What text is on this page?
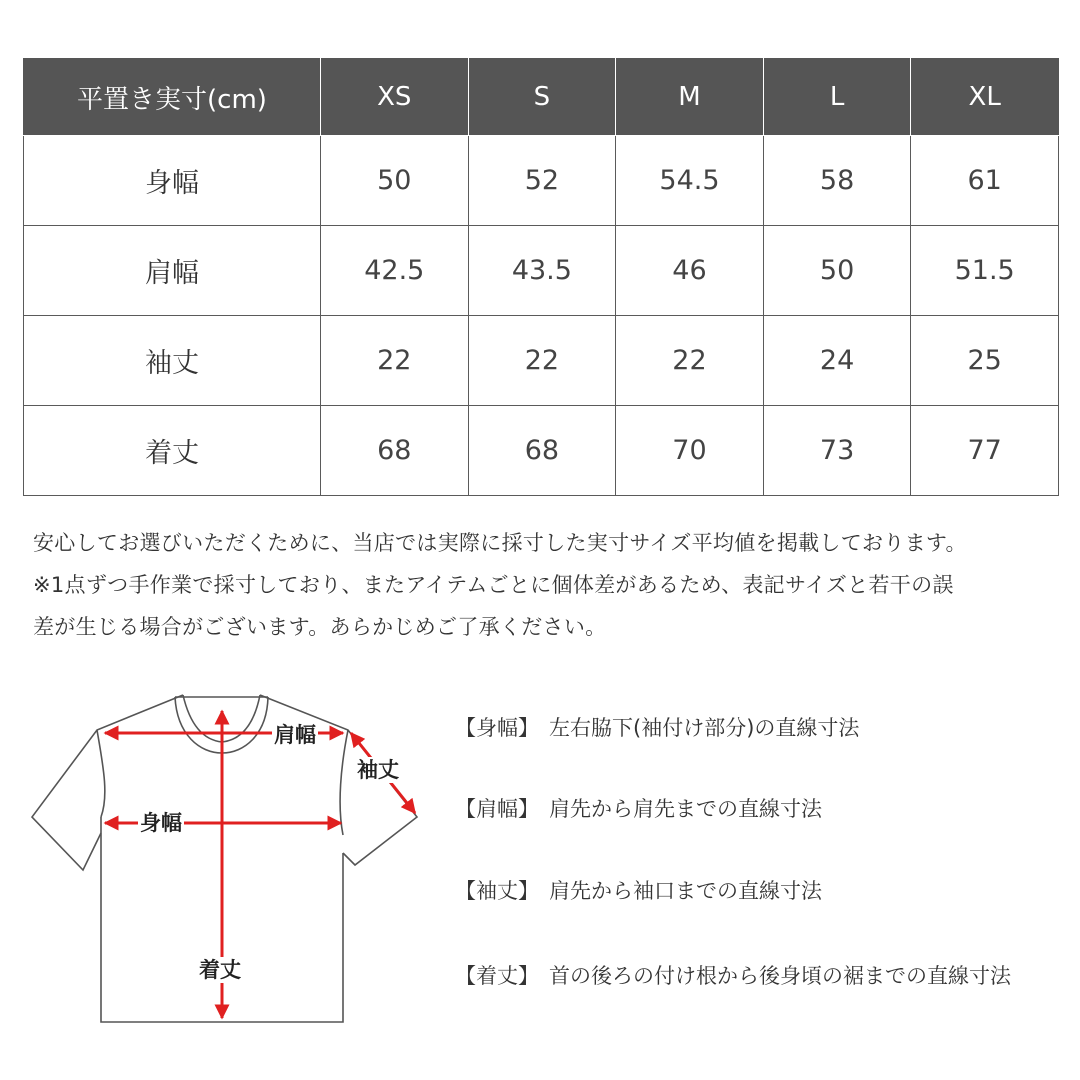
平置き実寸(cm)	XS	S	M	L	XL
身幅	50	52	54.5	58	61
肩幅	42.5	43.5	46	50	51.5
袖丈	22	22	22	24	25
着丈	68	68	70	73	77
安心してお選びいただくために、当店では実際に採寸した実寸サイズ平均値を掲載しております。
※1点ずつ手作業で採寸しており、またアイテムごとに個体差があるため、表記サイズと若干の誤
差が生じる場合がございます。あらかじめご了承ください。
肩幅
袖丈
身幅
着丈
【身幅】 左右脇下(袖付け部分)の直線寸法
【肩幅】 肩先から肩先までの直線寸法
【袖丈】 肩先から袖口までの直線寸法
【着丈】 首の後ろの付け根から後身頃の裾までの直線寸法
